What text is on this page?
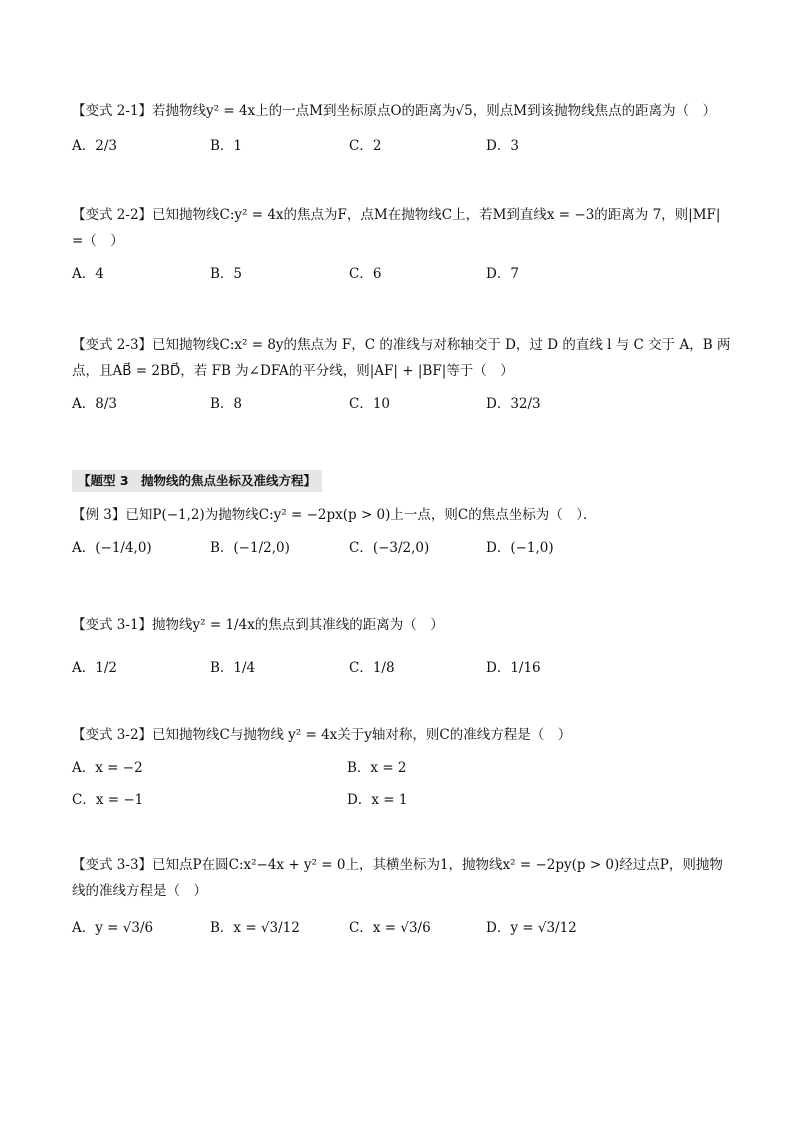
【变式 2-1】若抛物线y² = 4x上的一点M到坐标原点O的距离为√5，则点M到该抛物线焦点的距离为（　）
A．2/3	B．1	C．2	D．3
【变式 2-2】已知抛物线C:y² = 4x的焦点为F，点M在抛物线C上，若M到直线x = −3的距离为 7，则|MF| =（　）
A．4	B．5	C．6	D．7
【变式 2-3】已知抛物线C:x² = 8y的焦点为 F，C 的准线与对称轴交于 D，过 D 的直线 l 与 C 交于 A，B 两点，且AB⃗ = 2BD⃗，若 FB 为∠DFA的平分线，则|AF| + |BF|等于（　）
A．8/3	B．8	C．10	D．32/3
【题型 3　抛物线的焦点坐标及准线方程】
【例 3】已知P(−1,2)为抛物线C:y² = −2px(p > 0)上一点，则C的焦点坐标为（　）．
A．(−1/4,0)	B．(−1/2,0)	C．(−3/2,0)	D．(−1,0)
【变式 3-1】抛物线y² = 1/4x的焦点到其准线的距离为（　）
A．1/2	B．1/4	C．1/8	D．1/16
【变式 3-2】已知抛物线C与抛物线 y² = 4x关于y轴对称，则C的准线方程是（　）
A．x = −2	B．x = 2
C．x = −1	D．x = 1
【变式 3-3】已知点P在圆C:x²−4x + y² = 0上，其横坐标为1，抛物线x² = −2py(p > 0)经过点P，则抛物线的准线方程是（　）
A．y = √3/6	B．x = √3/12	C．x = √3/6	D．y = √3/12
